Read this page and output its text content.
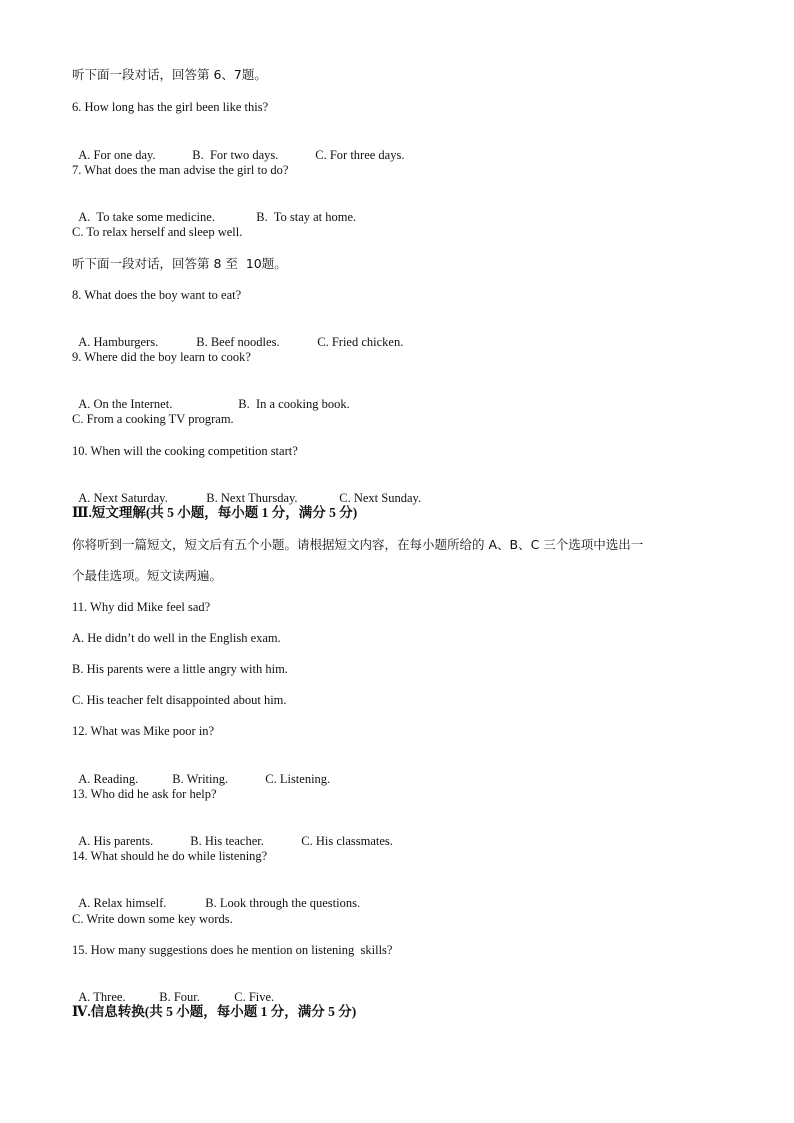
听下面一段对话，回答第 6、7题。
6. How long has the girl been like this?

A. For one day.	B.  For two days.	C. For three days.

7. What does the man advise the girl to do?

A.  To take some medicine.	B.  To stay at home.

C. To relax herself and sleep well.
听下面一段对话，回答第 8 至  10题。
8. What does the boy want to eat?

A. Hamburgers.	B. Beef noodles.	C. Fried chicken.

9. Where did the boy learn to cook?

A. On the Internet.	B.  In a cooking book.

C. From a cooking TV program.
10. When will the cooking competition start?

A. Next Saturday.	B. Next Thursday.	C. Next Sunday.

Ⅲ.短文理解(共 5 小题，每小题 1 分，满分 5 分)
你将听到一篇短文，短文后有五个小题。请根据短文内容，在每小题所给的 A、B、C 三个选项中选出一
个最佳选项。短文读两遍。
11. Why did Mike feel sad?
A. He didn’t do well in the English exam.
B. His parents were a little angry with him.
C. His teacher felt disappointed about him.
12. What was Mike poor in?

A. Reading.	B. Writing.	C. Listening.

13. Who did he ask for help?

A. His parents.	B. His teacher.	C. His classmates.

14. What should he do while listening?

A. Relax himself.	B. Look through the questions.

C. Write down some key words.
15. How many suggestions does he mention on listening  skills?

A. Three.	B. Four.	C. Five.

Ⅳ.信息转换(共 5 小题，每小题 1 分，满分 5 分)
